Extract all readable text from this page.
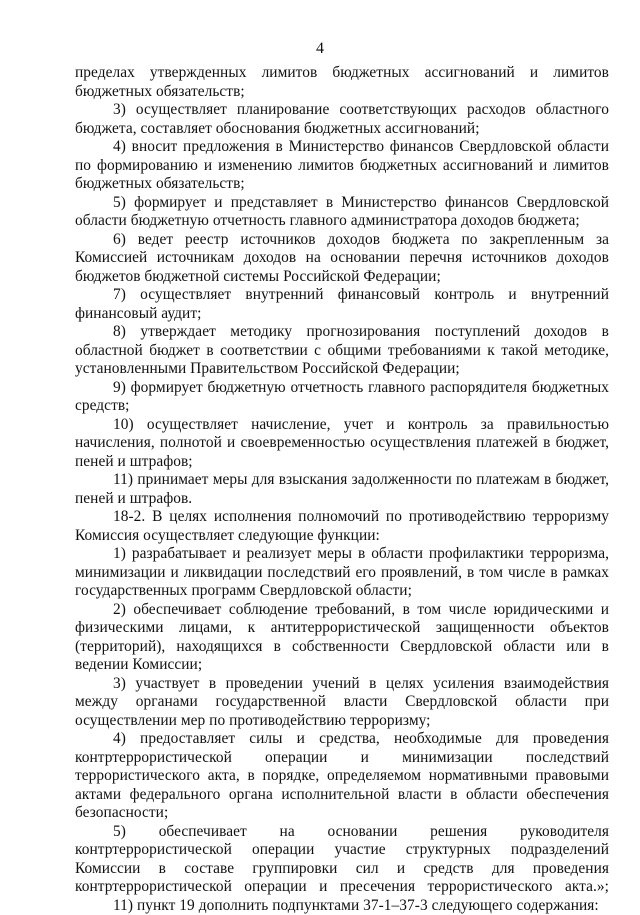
4

пределах утвержденных лимитов бюджетных ассигнований и лимитов бюджетных обязательств;

3) осуществляет планирование соответствующих расходов областного бюджета, составляет обоснования бюджетных ассигнований;

4) вносит предложения в Министерство финансов Свердловской области по формированию и изменению лимитов бюджетных ассигнований и лимитов бюджетных обязательств;

5) формирует и представляет в Министерство финансов Свердловской области бюджетную отчетность главного администратора доходов бюджета;

6) ведет реестр источников доходов бюджета по закрепленным за Комиссией источникам доходов на основании перечня источников доходов бюджетов бюджетной системы Российской Федерации;

7) осуществляет внутренний финансовый контроль и внутренний финансовый аудит;

8) утверждает методику прогнозирования поступлений доходов в областной бюджет в соответствии с общими требованиями к такой методике, установленными Правительством Российской Федерации;

9) формирует бюджетную отчетность главного распорядителя бюджетных средств;

10) осуществляет начисление, учет и контроль за правильностью начисления, полнотой и своевременностью осуществления платежей в бюджет, пеней и штрафов;

11) принимает меры для взыскания задолженности по платежам в бюджет, пеней и штрафов.

18-2. В целях исполнения полномочий по противодействию терроризму Комиссия осуществляет следующие функции:

1) разрабатывает и реализует меры в области профилактики терроризма, минимизации и ликвидации последствий его проявлений, в том числе в рамках государственных программ Свердловской области;

2) обеспечивает соблюдение требований, в том числе юридическими и физическими лицами, к антитеррористической защищенности объектов (территорий), находящихся в собственности Свердловской области или в ведении Комиссии;

3) участвует в проведении учений в целях усиления взаимодействия между органами государственной власти Свердловской области при осуществлении мер по противодействию терроризму;

4) предоставляет силы и средства, необходимые для проведения контртеррористической операции и минимизации последствий террористического акта, в порядке, определяемом нормативными правовыми актами федерального органа исполнительной власти в области обеспечения безопасности;

5) обеспечивает на основании решения руководителя контртеррористической операции участие структурных подразделений Комиссии в составе группировки сил и средств для проведения контртеррористической операции и пресечения террористического акта.»;

11) пункт 19 дополнить подпунктами 37-1–37-3 следующего содержания:
